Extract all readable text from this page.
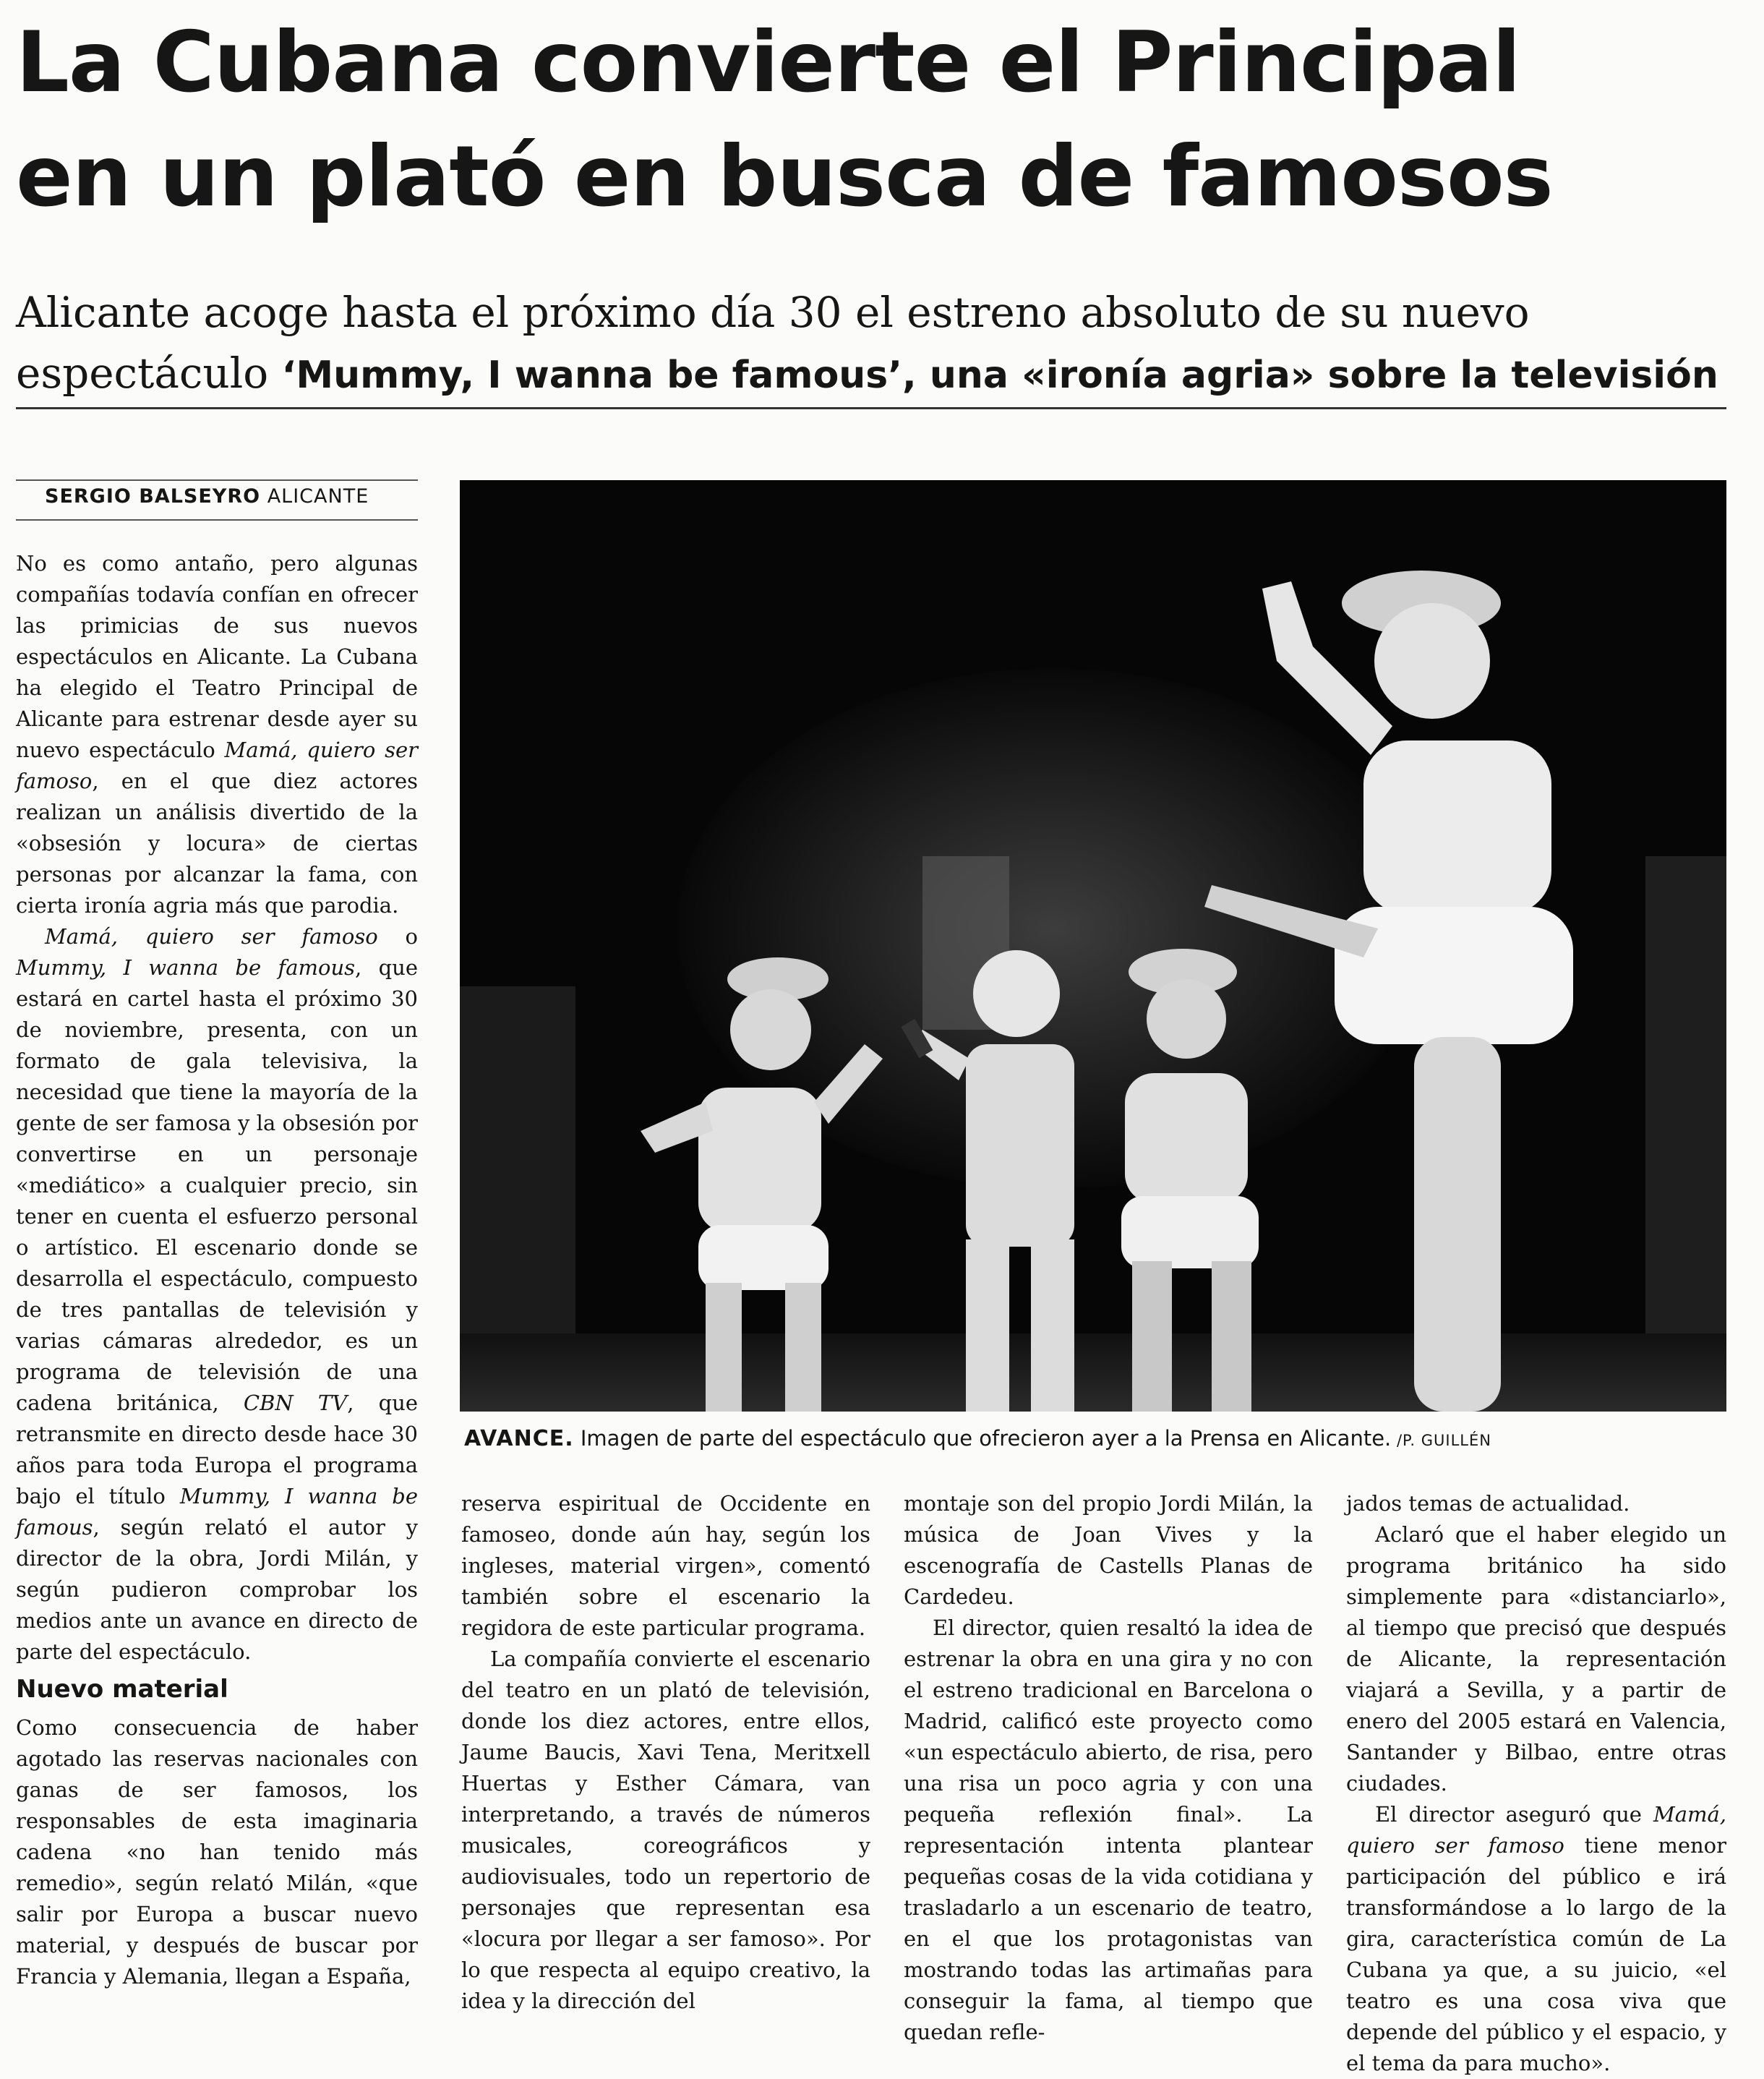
La Cubana convierte el Principal
en un plató en busca de famosos
Alicante acoge hasta el próximo día 30 el estreno absoluto de su nuevo
espectáculo ‘Mummy, I wanna be famous’, una «ironía agria» sobre la televisión
SERGIO BALSEYRO ALICANTE
AVANCE. Imagen de parte del espectáculo que ofrecieron ayer a la Prensa en Alicante. /P. GUILLÉN

No es como antaño, pero algunas compañías todavía confían en ofrecer las primicias de sus nuevos espectáculos en Alicante. La Cubana ha elegido el Teatro Principal de Alicante para estrenar desde ayer su nuevo espectáculo Mamá, quiero ser famoso, en el que diez actores realizan un análisis divertido de la «obsesión y locura» de ciertas personas por alcanzar la fama, con cierta ironía agria más que parodia.

Mamá, quiero ser famoso o Mummy, I wanna be famous, que estará en cartel hasta el próximo 30 de noviembre, presenta, con un formato de gala televisiva, la necesidad que tiene la mayoría de la gente de ser famosa y la obsesión por convertirse en un personaje «mediático» a cualquier precio, sin tener en cuenta el esfuerzo personal o artístico. El escenario donde se desarrolla el espectáculo, compuesto de tres pantallas de televisión y varias cámaras alrededor, es un programa de televisión de una cadena británica, CBN TV, que retransmite en directo desde hace 30 años para toda Europa el programa bajo el título Mummy, I wanna be famous, según relató el autor y director de la obra, Jordi Milán, y según pudieron comprobar los medios ante un avance en directo de parte del espectáculo.

Nuevo material

Como consecuencia de haber agotado las reservas nacionales con ganas de ser famosos, los responsables de esta imaginaria cadena «no han tenido más remedio», según relató Milán, «que salir por Europa a buscar nuevo material, y después de buscar por Francia y Alemania, llegan a España,

reserva espiritual de Occidente en famoseo, donde aún hay, según los ingleses, material virgen», comentó también sobre el escenario la regidora de este particular programa.

La compañía convierte el escenario del teatro en un plató de televisión, donde los diez actores, entre ellos, Jaume Baucis, Xavi Tena, Meritxell Huertas y Esther Cámara, van interpretando, a través de números musicales, coreográficos y audiovisuales, todo un repertorio de personajes que representan esa «locura por llegar a ser famoso». Por lo que respecta al equipo creativo, la idea y la dirección del

montaje son del propio Jordi Milán, la música de Joan Vives y la escenografía de Castells Planas de Cardedeu.

El director, quien resaltó la idea de estrenar la obra en una gira y no con el estreno tradicional en Barcelona o Madrid, calificó este proyecto como «un espectáculo abierto, de risa, pero una risa un poco agria y con una pequeña reflexión final». La representación intenta plantear pequeñas cosas de la vida cotidiana y trasladarlo a un escenario de teatro, en el que los protagonistas van mostrando todas las artimañas para conseguir la fama, al tiempo que quedan refle-

jados temas de actualidad.

Aclaró que el haber elegido un programa británico ha sido simplemente para «distanciarlo», al tiempo que precisó que después de Alicante, la representación viajará a Sevilla, y a partir de enero del 2005 estará en Valencia, Santander y Bilbao, entre otras ciudades.

El director aseguró que Mamá, quiero ser famoso tiene menor participación del público e irá transformándose a lo largo de la gira, característica común de La Cubana ya que, a su juicio, «el teatro es una cosa viva que depende del público y el espacio, y el tema da para mucho».
